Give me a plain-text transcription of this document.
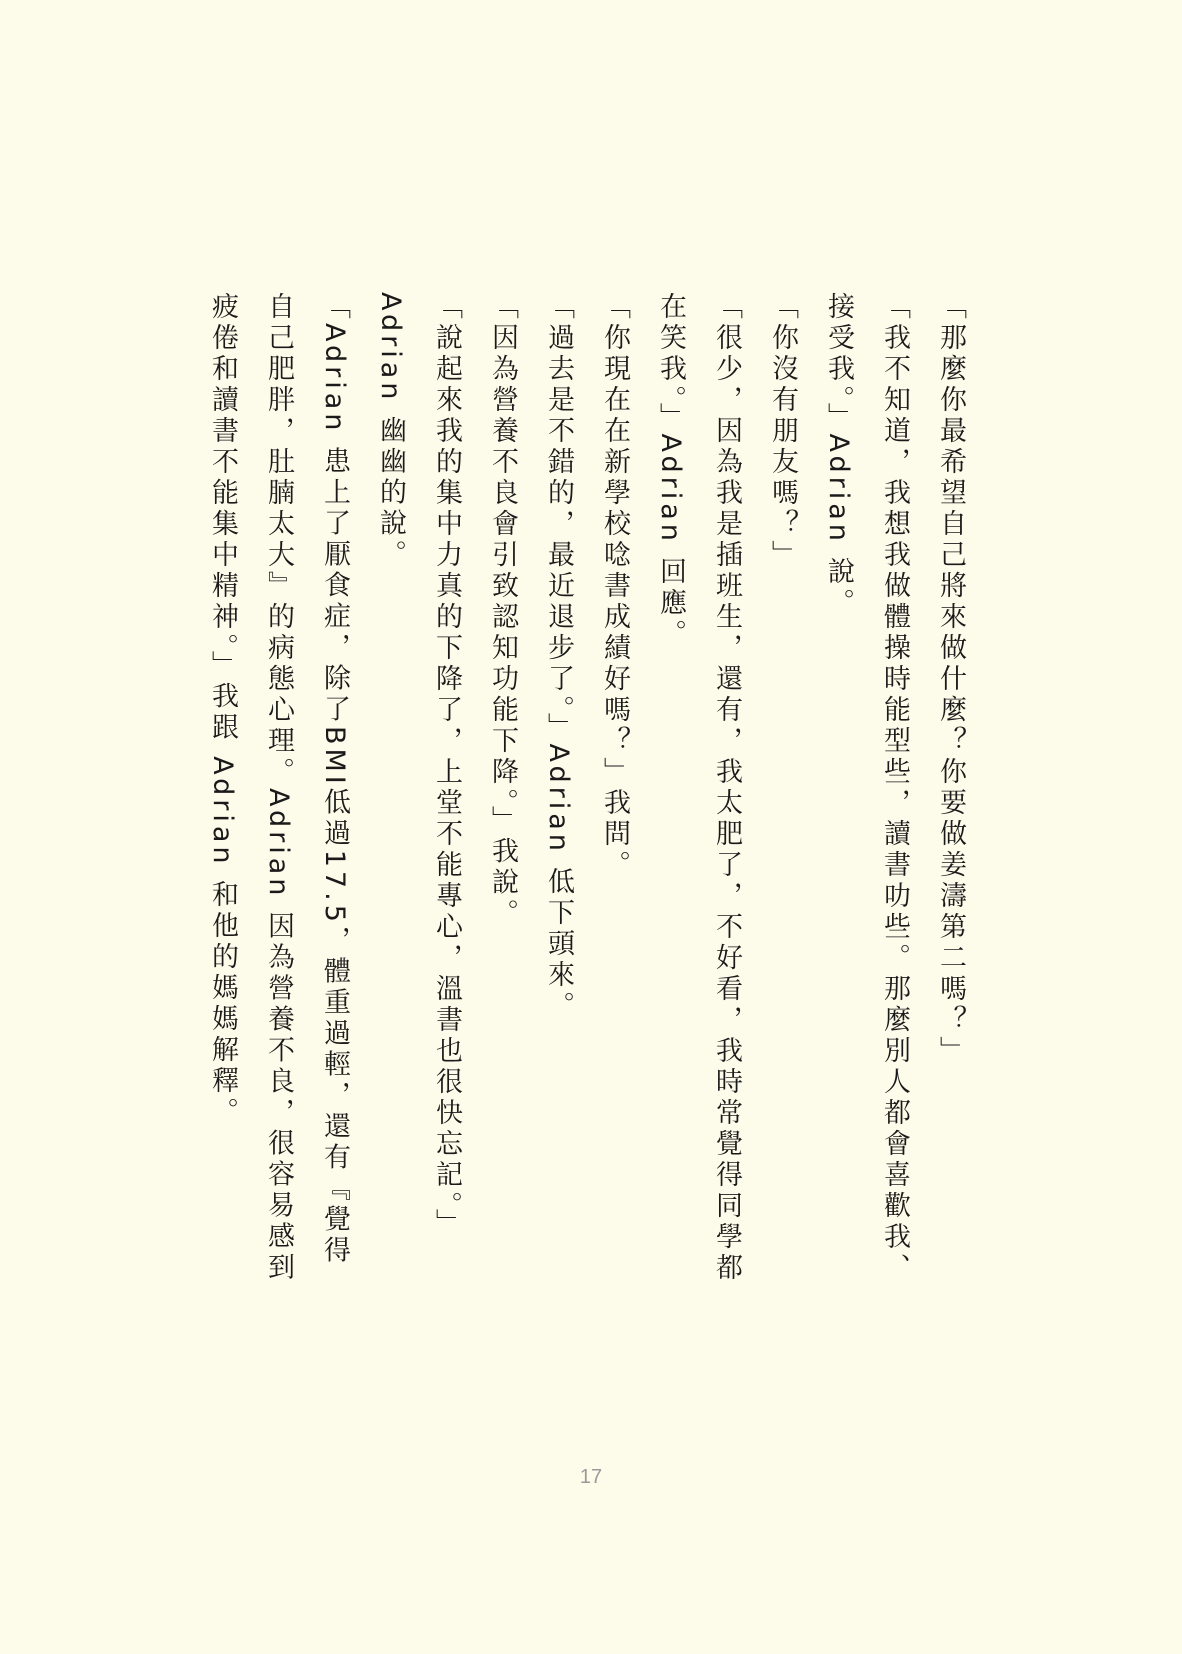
「那麼你最希望自己將來做什麼？你要做姜濤第二嗎？」

「我不知道，我想我做體操時能型些，讀書叻些。那麼別人都會喜歡我、接受我。」Adrian 說。

「你沒有朋友嗎？」

「很少，因為我是插班生，還有，我太肥了，不好看，我時常覺得同學都在笑我。」Adrian 回應。

「你現在在新學校唸書成績好嗎？」我問。

「過去是不錯的，最近退步了。」Adrian 低下頭來。

「因為營養不良會引致認知功能下降。」我說。

「說起來我的集中力真的下降了，上堂不能專心，溫書也很快忘記。」

Adrian 幽幽的說。

「Adrian 患上了厭食症，除了BMI低過17.5，體重過輕，還有『覺得自己肥胖，肚腩太大』的病態心理。Adrian 因為營養不良，很容易感到疲倦和讀書不能集中精神。」我跟 Adrian 和他的媽媽解釋。

17
